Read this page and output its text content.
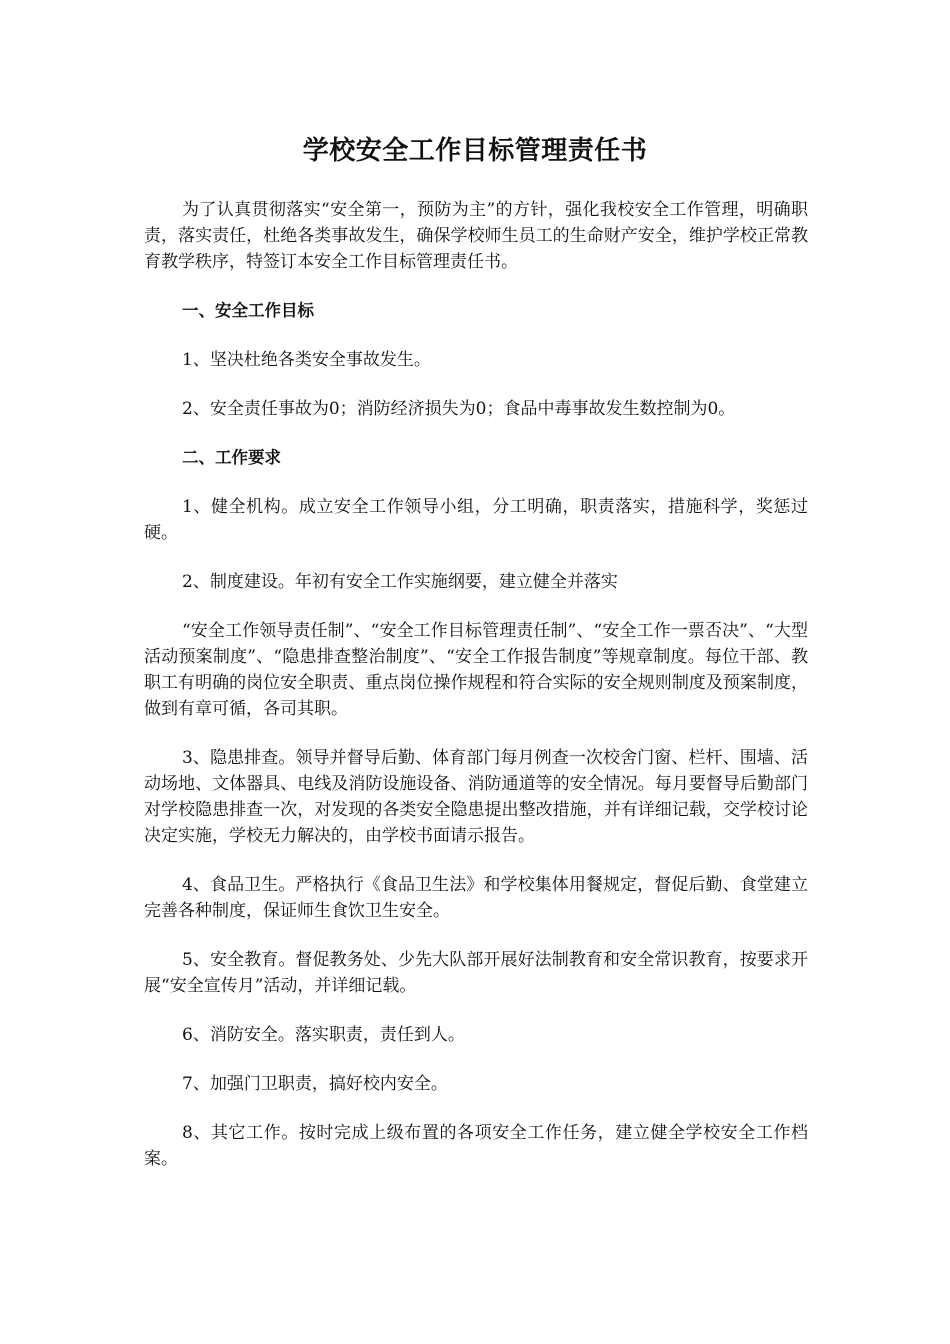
学校安全工作目标管理责任书

为了认真贯彻落实“安全第一，预防为主”的方针，强化我校安全工作管理，明确职责，落实责任，杜绝各类事故发生，确保学校师生员工的生命财产安全，维护学校正常教育教学秩序，特签订本安全工作目标管理责任书。

一、安全工作目标

1、坚决杜绝各类安全事故发生。

2、安全责任事故为0；消防经济损失为0；食品中毒事故发生数控制为0。

二、工作要求

1、健全机构。成立安全工作领导小组，分工明确，职责落实，措施科学，奖惩过硬。

2、制度建设。年初有安全工作实施纲要，建立健全并落实

“安全工作领导责任制”、“安全工作目标管理责任制”、“安全工作一票否决”、“大型活动预案制度”、“隐患排查整治制度”、“安全工作报告制度”等规章制度。每位干部、教职工有明确的岗位安全职责、重点岗位操作规程和符合实际的安全规则制度及预案制度，做到有章可循，各司其职。

3、隐患排查。领导并督导后勤、体育部门每月例查一次校舍门窗、栏杆、围墙、活动场地、文体器具、电线及消防设施设备、消防通道等的安全情况。每月要督导后勤部门对学校隐患排查一次，对发现的各类安全隐患提出整改措施，并有详细记载，交学校讨论决定实施，学校无力解决的，由学校书面请示报告。

4、食品卫生。严格执行《食品卫生法》和学校集体用餐规定，督促后勤、食堂建立完善各种制度，保证师生食饮卫生安全。

5、安全教育。督促教务处、少先大队部开展好法制教育和安全常识教育，按要求开展“安全宣传月”活动，并详细记载。

6、消防安全。落实职责，责任到人。

7、加强门卫职责，搞好校内安全。

8、其它工作。按时完成上级布置的各项安全工作任务，建立健全学校安全工作档案。
